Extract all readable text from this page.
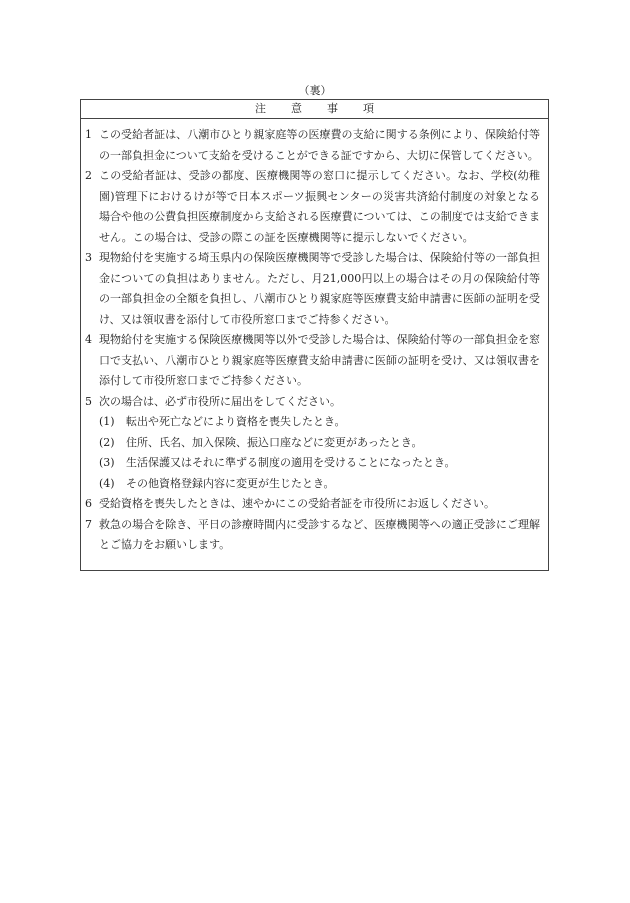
（裏）
注意事項
1 この受給者証は、八潮市ひとり親家庭等の医療費の支給に関する条例により、保険給付等の一部負担金について支給を受けることができる証ですから、大切に保管してください。
2 この受給者証は、受診の都度、医療機関等の窓口に提示してください。なお、学校(幼稚園)管理下におけるけが等で日本スポーツ振興センターの災害共済給付制度の対象となる場合や他の公費負担医療制度から支給される医療費については、この制度では支給できません。この場合は、受診の際この証を医療機関等に提示しないでください。
3 現物給付を実施する埼玉県内の保険医療機関等で受診した場合は、保険給付等の一部負担金についての負担はありません。ただし、月21,000円以上の場合はその月の保険給付等の一部負担金の全額を負担し、八潮市ひとり親家庭等医療費支給申請書に医師の証明を受け、又は領収書を添付して市役所窓口までご持参ください。
4 現物給付を実施する保険医療機関等以外で受診した場合は、保険給付等の一部負担金を窓口で支払い、八潮市ひとり親家庭等医療費支給申請書に医師の証明を受け、又は領収書を添付して市役所窓口までご持参ください。
5 次の場合は、必ず市役所に届出をしてください。
(1)	転出や死亡などにより資格を喪失したとき。
(2)	住所、氏名、加入保険、振込口座などに変更があったとき。
(3)	生活保護又はそれに準ずる制度の適用を受けることになったとき。
(4)	その他資格登録内容に変更が生じたとき。
6 受給資格を喪失したときは、速やかにこの受給者証を市役所にお返しください。
7 救急の場合を除き、平日の診療時間内に受診するなど、医療機関等への適正受診にご理解とご協力をお願いします。
